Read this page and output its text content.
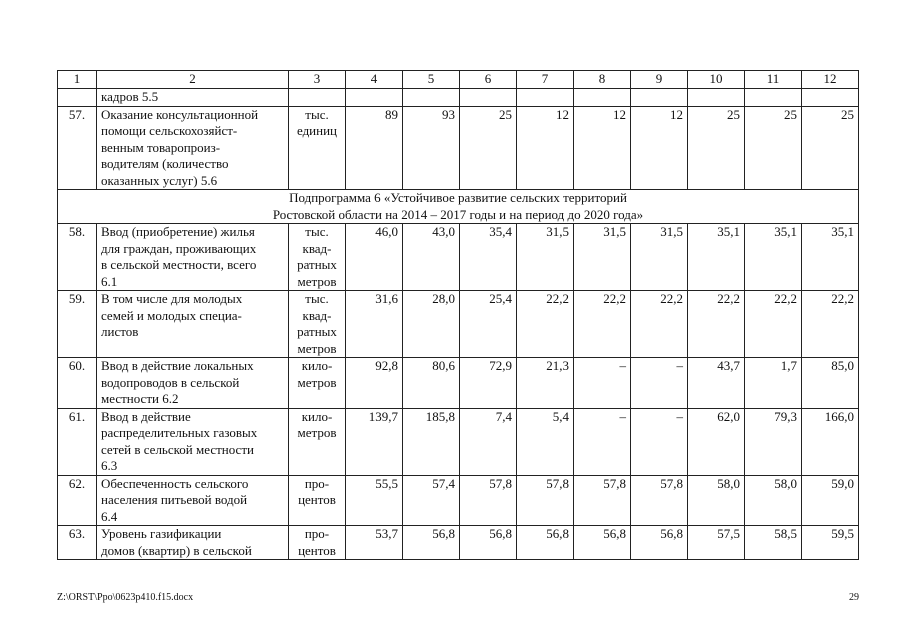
1	2	3	4	5	6	7	8	9	10	11	12
	кадров 5.5										
57.	Оказание консультационной
помощи сельскохозяйст-
венным товаропроиз-
водителям (количество
оказанных услуг) 5.6	тыс.
единиц	89	93	25	12	12	12	25	25	25

Подпрограмма 6 «Устойчивое развитие сельских территорий
Ростовской области на 2014 – 2017 годы и на период до 2020 года»											

58.	Ввод (приобретение) жилья
для граждан, проживающих
в сельской местности, всего
6.1	тыс.
квад-
ратных
метров	46,0	43,0	35,4	31,5	31,5	31,5	35,1	35,1	35,1
59.	В том числе для молодых
семей и молодых специа-
листов	тыс.
квад-
ратных
метров	31,6	28,0	25,4	22,2	22,2	22,2	22,2	22,2	22,2
60.	Ввод в действие локальных
водопроводов в сельской
местности 6.2	кило-
метров	92,8	80,6	72,9	21,3	–	–	43,7	1,7	85,0
61.	Ввод в действие
распределительных газовых
сетей в сельской местности
6.3	кило-
метров	139,7	185,8	7,4	5,4	–	–	62,0	79,3	166,0
62.	Обеспеченность сельского
населения питьевой водой
6.4	про-
центов	55,5	57,4	57,8	57,8	57,8	57,8	58,0	58,0	59,0
63.	Уровень газификации
домов (квартир) в сельской	про-
центов	53,7	56,8	56,8	56,8	56,8	56,8	57,5	58,5	59,5
Z:\ORST\Ppo\0623p410.f15.docx	29
